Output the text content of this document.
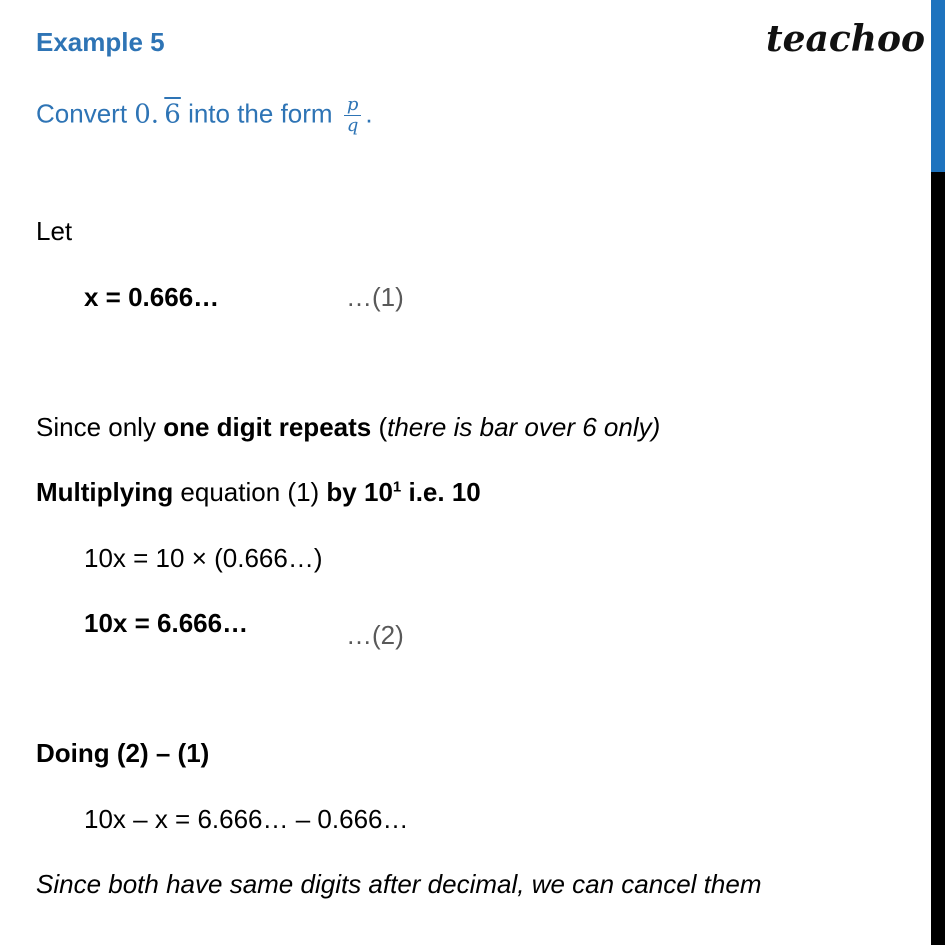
Example 5	teachoo
Convert 0.  6 into the form $\frac{p}{q}$ .
Let
x = 0.666…	…(1)
Since only one digit repeats (there is bar over 6 only)
Multiplying equation (1) by $10^1$ i.e. 10
10x = 10 × (0.666…)
10x = 6.666…	…(2)
Doing (2) – (1)
10x – x = 6.666… – 0.666…
Since both have same digits after decimal, we can cancel them
